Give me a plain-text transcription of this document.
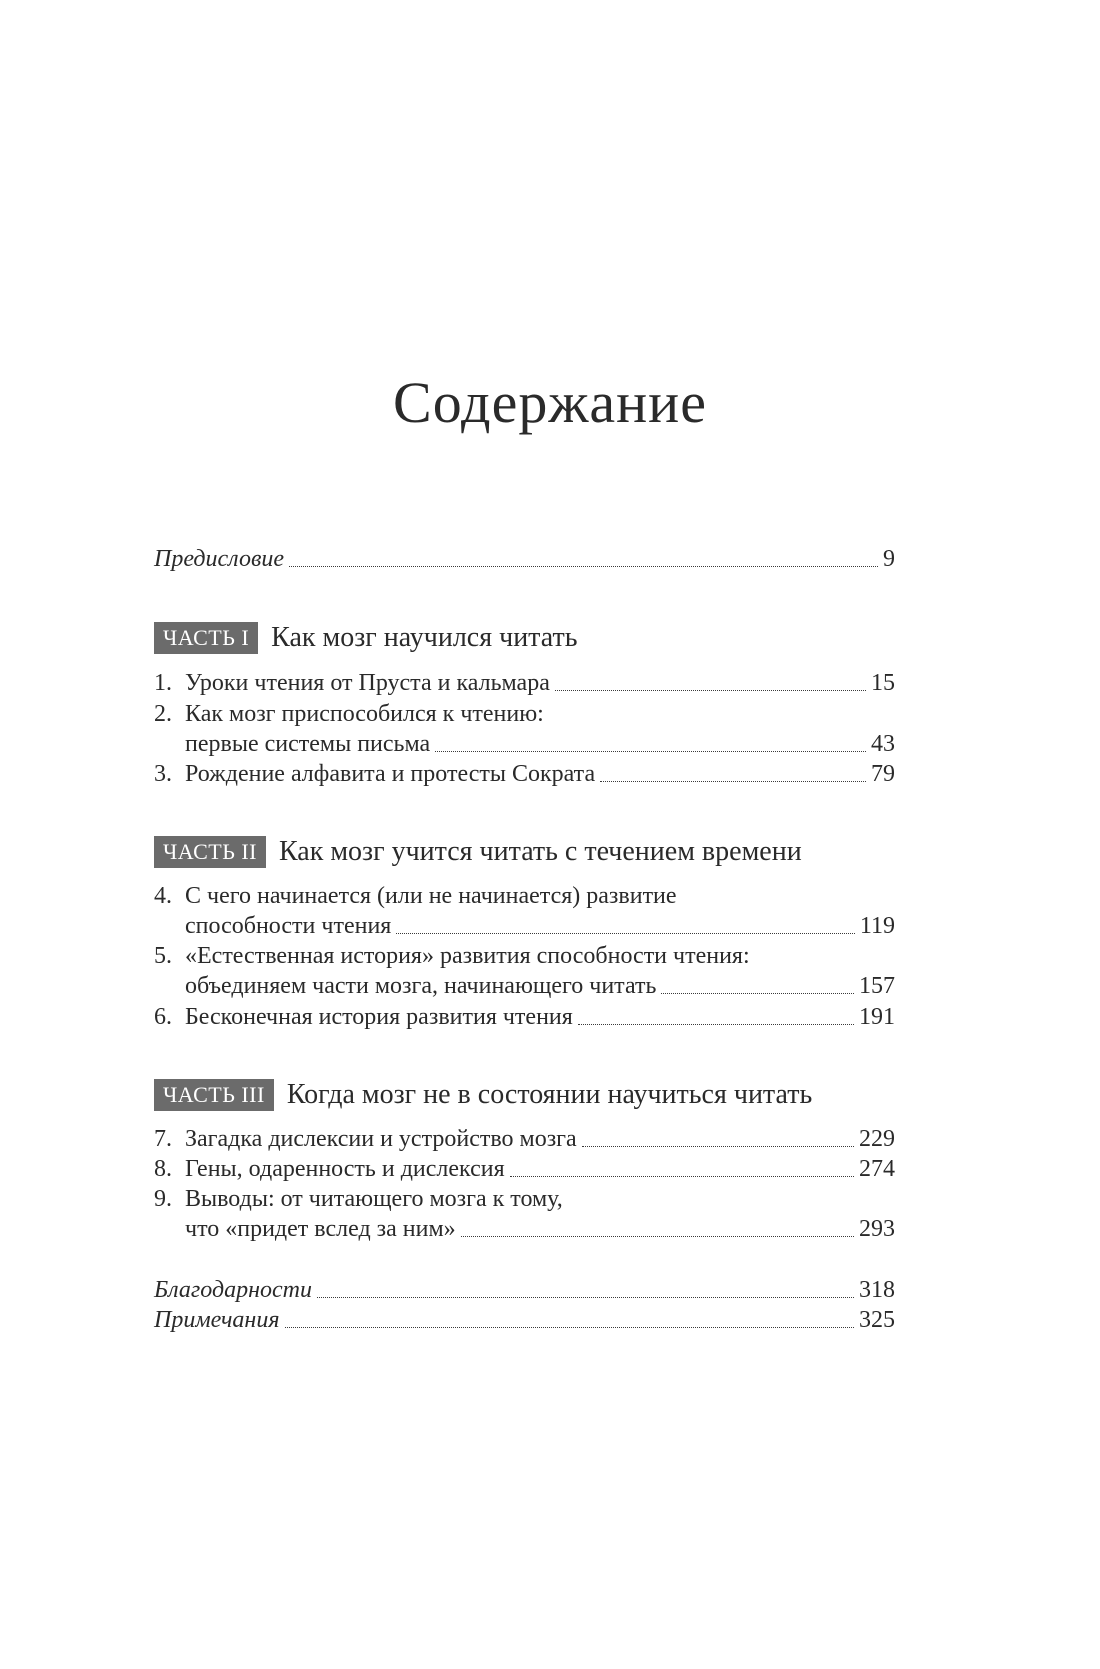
Содержание
Предисловие	9
ЧАСТЬ I Как мозг научился читать
1. Уроки чтения от Пруста и кальмара	15
2. Как мозг приспособился к чтению:
первые системы письма	43
3. Рождение алфавита и протесты Сократа	79
ЧАСТЬ II Как мозг учится читать с течением времени
4. С чего начинается (или не начинается) развитие
способности чтения	119
5. «Естественная история» развития способности чтения:
объединяем части мозга, начинающего читать	157
6. Бесконечная история развития чтения	191
ЧАСТЬ III Когда мозг не в состоянии научиться читать
7. Загадка дислексии и устройство мозга	229
8. Гены, одаренность и дислексия	274
9. Выводы: от читающего мозга к тому,
что «придет вслед за ним»	293
Благодарности	318
Примечания	325
